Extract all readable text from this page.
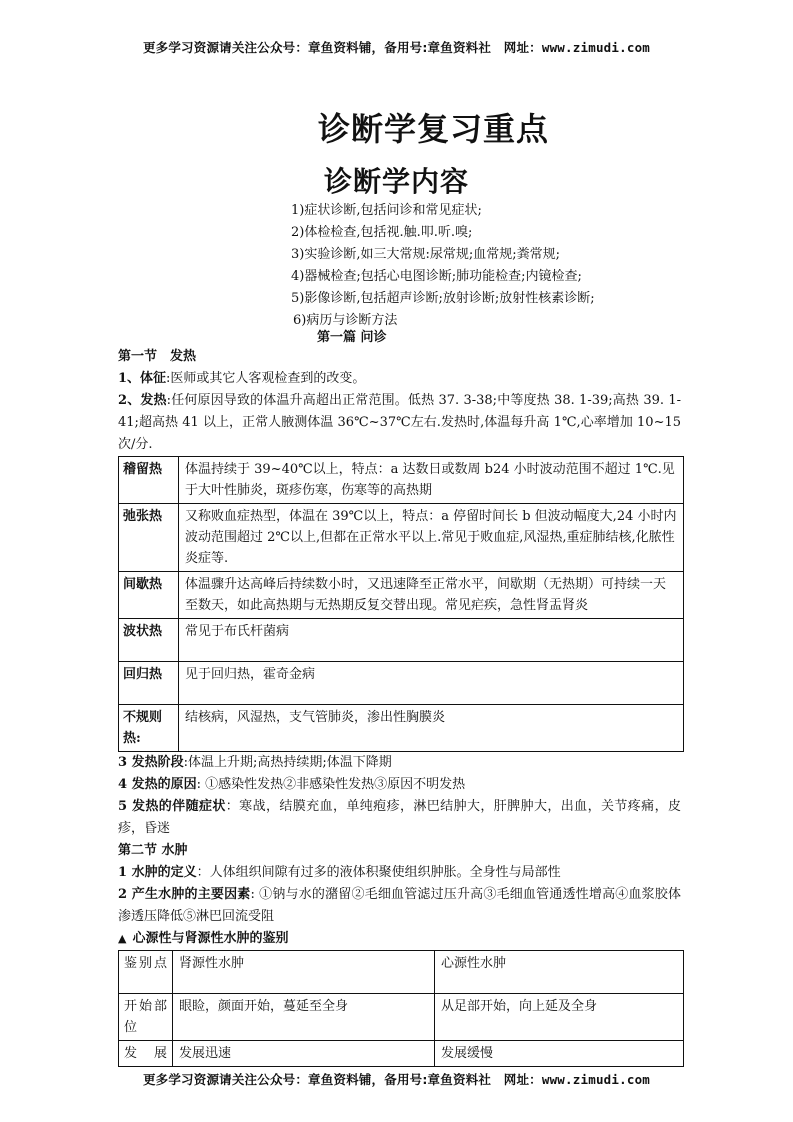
更多学习资源请关注公众号：章鱼资料铺，备用号:章鱼资料社　网址：www.zimudi.com
诊断学复习重点
诊断学内容
1)症状诊断,包括问诊和常见症状;
2)体检检查,包括视.触.叩.听.嗅;
3)实验诊断,如三大常规:尿常规;血常规;粪常规;
4)器械检查;包括心电图诊断;肺功能检查;内镜检查;
5)影像诊断,包括超声诊断;放射诊断;放射性核素诊断;
6)病历与诊断方法
第一篇 问诊
第一节　发热
1、体征:医师或其它人客观检查到的改变。
2、发热:任何原因导致的体温升高超出正常范围。低热 37. 3-38;中等度热 38. 1-39;高热 39. 1-41;超高热 41 以上，正常人腋测体温 36℃~37℃左右.发热时,体温每升高 1℃,心率增加 10~15 次/分.
稽留热	体温持续于 39~40℃以上，特点：a 达数日或数周 b24 小时波动范围不超过 1℃.见于大叶性肺炎，斑疹伤寒，伤寒等的高热期
弛张热	又称败血症热型，体温在 39℃以上，特点：a 停留时间长 b 但波动幅度大,24 小时内波动范围超过 2℃以上,但都在正常水平以上.常见于败血症,风湿热,重症肺结核,化脓性炎症等.
间歇热	体温骤升达高峰后持续数小时，又迅速降至正常水平，间歇期（无热期）可持续一天至数天，如此高热期与无热期反复交替出现。常见疟疾，急性肾盂肾炎
波状热	常见于布氏杆菌病
回归热	见于回归热，霍奇金病
不规则热:	结核病，风湿热，支气管肺炎，渗出性胸膜炎
3 发热阶段:体温上升期;高热持续期;体温下降期
4 发热的原因: ①感染性发热②非感染性发热③原因不明发热
5 发热的伴随症状：寒战，结膜充血，单纯疱疹，淋巴结肿大，肝脾肿大，出血，关节疼痛，皮疹，昏迷
第二节 水肿
1 水肿的定义：人体组织间隙有过多的液体积聚使组织肿胀。全身性与局部性
2 产生水肿的主要因素: ①钠与水的潴留②毛细血管滤过压升高③毛细血管通透性增高④血浆胶体渗透压降低⑤淋巴回流受阻
▲ 心源性与肾源性水肿的鉴别
鉴别点	肾源性水肿	心源性水肿
开始部位	眼睑，颜面开始，蔓延至全身	从足部开始，向上延及全身
发展	发展迅速	发展缓慢
更多学习资源请关注公众号：章鱼资料铺，备用号:章鱼资料社　网址：www.zimudi.com
